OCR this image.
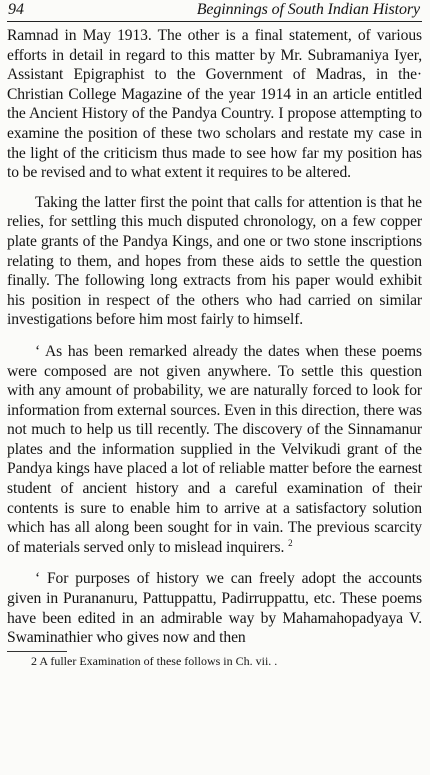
94	Beginnings of South Indian History

Ramnad in May 1913. The other is a final statement, of various efforts in detail in regard to this matter by Mr. Subramaniya Iyer, Assistant Epigraphist to the Government of Madras, in the· Christian College Magazine of the year 1914 in an article entitled the Ancient History of the Pandya Country. I propose attempting to examine the position of these two scholars and restate my case in the light of the criticism thus made to see how far my position has to be revised and to what extent it requires to be altered.

Taking the latter first the point that calls for attention is that he relies, for settling this much disputed chronology, on a few copper plate grants of the Pandya Kings, and one or two stone inscriptions relating to them, and hopes from these aids to settle the question finally. The following long extracts from his paper would exhibit his position in respect of the others who had carried on similar investigations before him most fairly to himself.

‘ As has been remarked already the dates when these poems were composed are not given anywhere. To settle this question with any amount of probability, we are naturally forced to look for information from external sources. Even in this direction, there was not much to help us till recently. The discovery of the Sinnamanur plates and the information supplied in the Velvikudi grant of the Pandya kings have placed a lot of reliable matter before the earnest student of ancient history and a careful examination of their contents is sure to enable him to arrive at a satisfactory solution which has all along been sought for in vain. The previous scarcity of materials served only to mislead inquirers. $^2$

‘ For purposes of history we can freely adopt the accounts given in Purananuru, Pattuppattu, Padirruppattu, etc. These poems have been edited in an admirable way by Mahamahopadyaya V. Swaminathier who gives now and then

2 A fuller Examination of these follows in Ch. vii. .
